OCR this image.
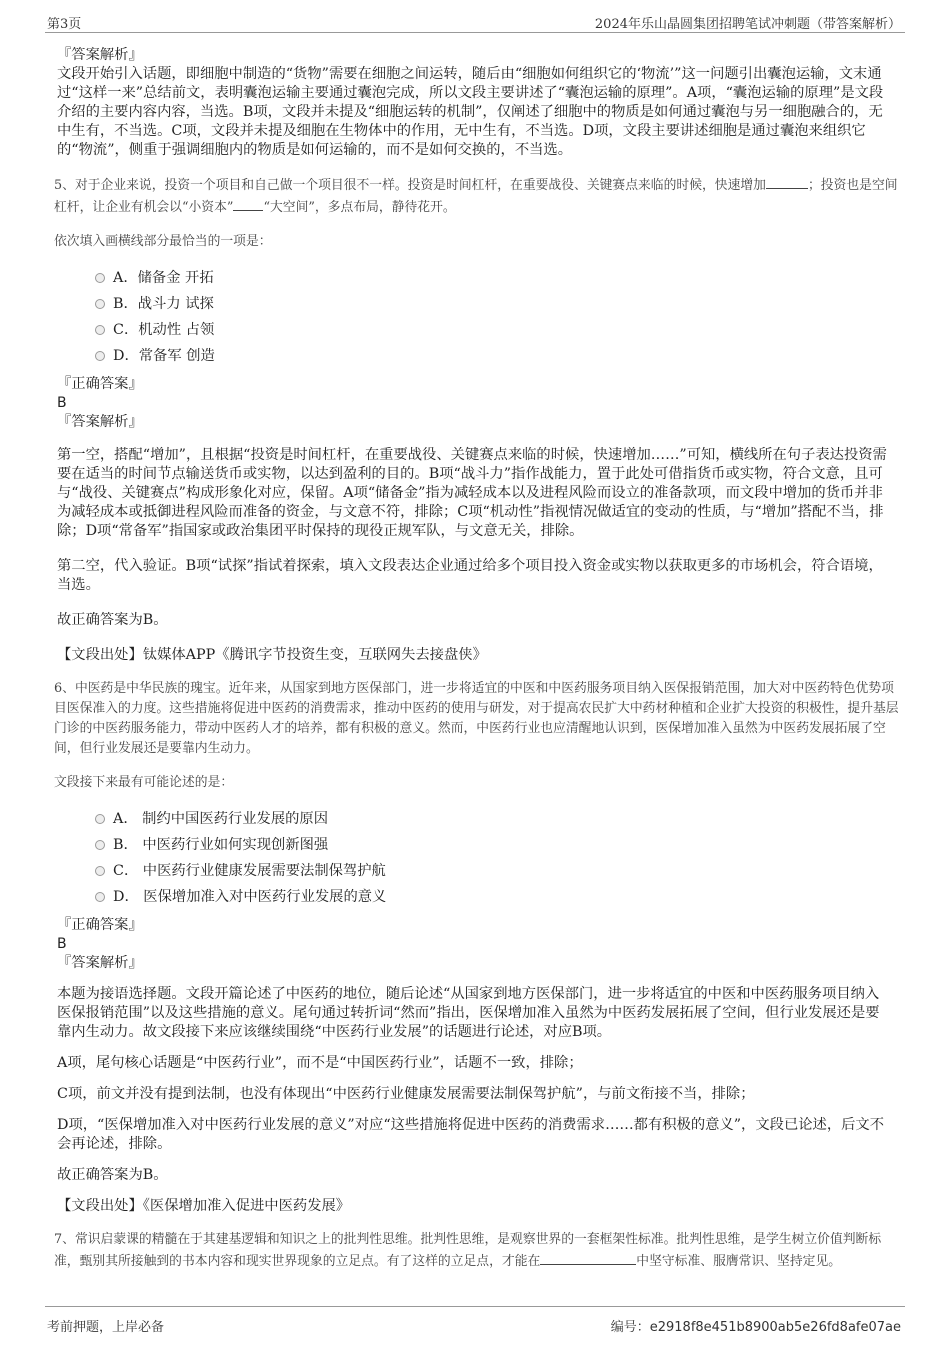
第3页	2024年乐山晶圆集团招聘笔试冲刺题（带答案解析）

『答案解析』

文段开始引入话题，即细胞中制造的“货物”需要在细胞之间运转，随后由“细胞如何组织它的‘物流’”这一问题引出囊泡运输，文末通过“这样一来”总结前文，表明囊泡运输主要通过囊泡完成，所以文段主要讲述了“囊泡运输的原理”。A项，“囊泡运输的原理”是文段介绍的主要内容内容，当选。B项，文段并未提及“细胞运转的机制”，仅阐述了细胞中的物质是如何通过囊泡与另一细胞融合的，无中生有，不当选。C项，文段并未提及细胞在生物体中的作用，无中生有，不当选。D项，文段主要讲述细胞是通过囊泡来组织它的“物流”，侧重于强调细胞内的物质是如何运输的，而不是如何交换的，不当选。

5、对于企业来说，投资一个项目和自己做一个项目很不一样。投资是时间杠杆，在重要战役、关键赛点来临的时候，快速增加	；投资也是空间杠杆，让企业有机会以“小资本” “大空间”，多点布局，静待花开。

依次填入画横线部分最恰当的一项是：

A．储备金 开拓
B．战斗力 试探
C．机动性 占领
D．常备军 创造

『正确答案』

B

『答案解析』

第一空，搭配“增加”，且根据“投资是时间杠杆，在重要战役、关键赛点来临的时候，快速增加……”可知，横线所在句子表达投资需要在适当的时间节点输送货币或实物，以达到盈利的目的。B项“战斗力”指作战能力，置于此处可借指货币或实物，符合文意，且可与“战役、关键赛点”构成形象化对应，保留。A项“储备金”指为减轻成本以及进程风险而设立的准备款项，而文段中增加的货币并非为减轻成本或抵御进程风险而准备的资金，与文意不符，排除；C项“机动性”指视情况做适宜的变动的性质，与“增加”搭配不当，排除；D项“常备军”指国家或政治集团平时保持的现役正规军队，与文意无关，排除。

第二空，代入验证。B项“试探”指试着探索，填入文段表达企业通过给多个项目投入资金或实物以获取更多的市场机会，符合语境，当选。

故正确答案为B。

【文段出处】钛媒体APP《腾讯字节投资生变，互联网失去接盘侠》

6、中医药是中华民族的瑰宝。近年来，从国家到地方医保部门，进一步将适宜的中医和中医药服务项目纳入医保报销范围，加大对中医药特色优势项目医保准入的力度。这些措施将促进中医药的消费需求，推动中医药的使用与研发，对于提高农民扩大中药材种植和企业扩大投资的积极性，提升基层门诊的中医药服务能力，带动中医药人才的培养，都有积极的意义。然而，中医药行业也应清醒地认识到，医保增加准入虽然为中医药发展拓展了空间，但行业发展还是要靠内生动力。

文段接下来最有可能论述的是：

A． 制约中国医药行业发展的原因
B． 中医药行业如何实现创新图强
C． 中医药行业健康发展需要法制保驾护航
D． 医保增加准入对中医药行业发展的意义

『正确答案』

B

『答案解析』

本题为接语选择题。文段开篇论述了中医药的地位，随后论述“从国家到地方医保部门，进一步将适宜的中医和中医药服务项目纳入医保报销范围”以及这些措施的意义。尾句通过转折词“然而”指出，医保增加准入虽然为中医药发展拓展了空间，但行业发展还是要靠内生动力。故文段接下来应该继续围绕“中医药行业发展”的话题进行论述，对应B项。

A项，尾句核心话题是“中医药行业”，而不是“中国医药行业”，话题不一致，排除；

C项，前文并没有提到法制，也没有体现出“中医药行业健康发展需要法制保驾护航”，与前文衔接不当，排除；

D项，“医保增加准入对中医药行业发展的意义”对应“这些措施将促进中医药的消费需求……都有积极的意义”，文段已论述，后文不会再论述，排除。

故正确答案为B。

【文段出处】《医保增加准入促进中医药发展》

7、常识启蒙课的精髓在于其建基逻辑和知识之上的批判性思维。批判性思维，是观察世界的一套框架性标准。批判性思维，是学生树立价值判断标准，甄别其所接触到的书本内容和现实世界现象的立足点。有了这样的立足点，才能在	中坚守标准、服膺常识、坚持定见。

考前押题，上岸必备	编号：e2918f8e451b8900ab5e26fd8afe07ae
